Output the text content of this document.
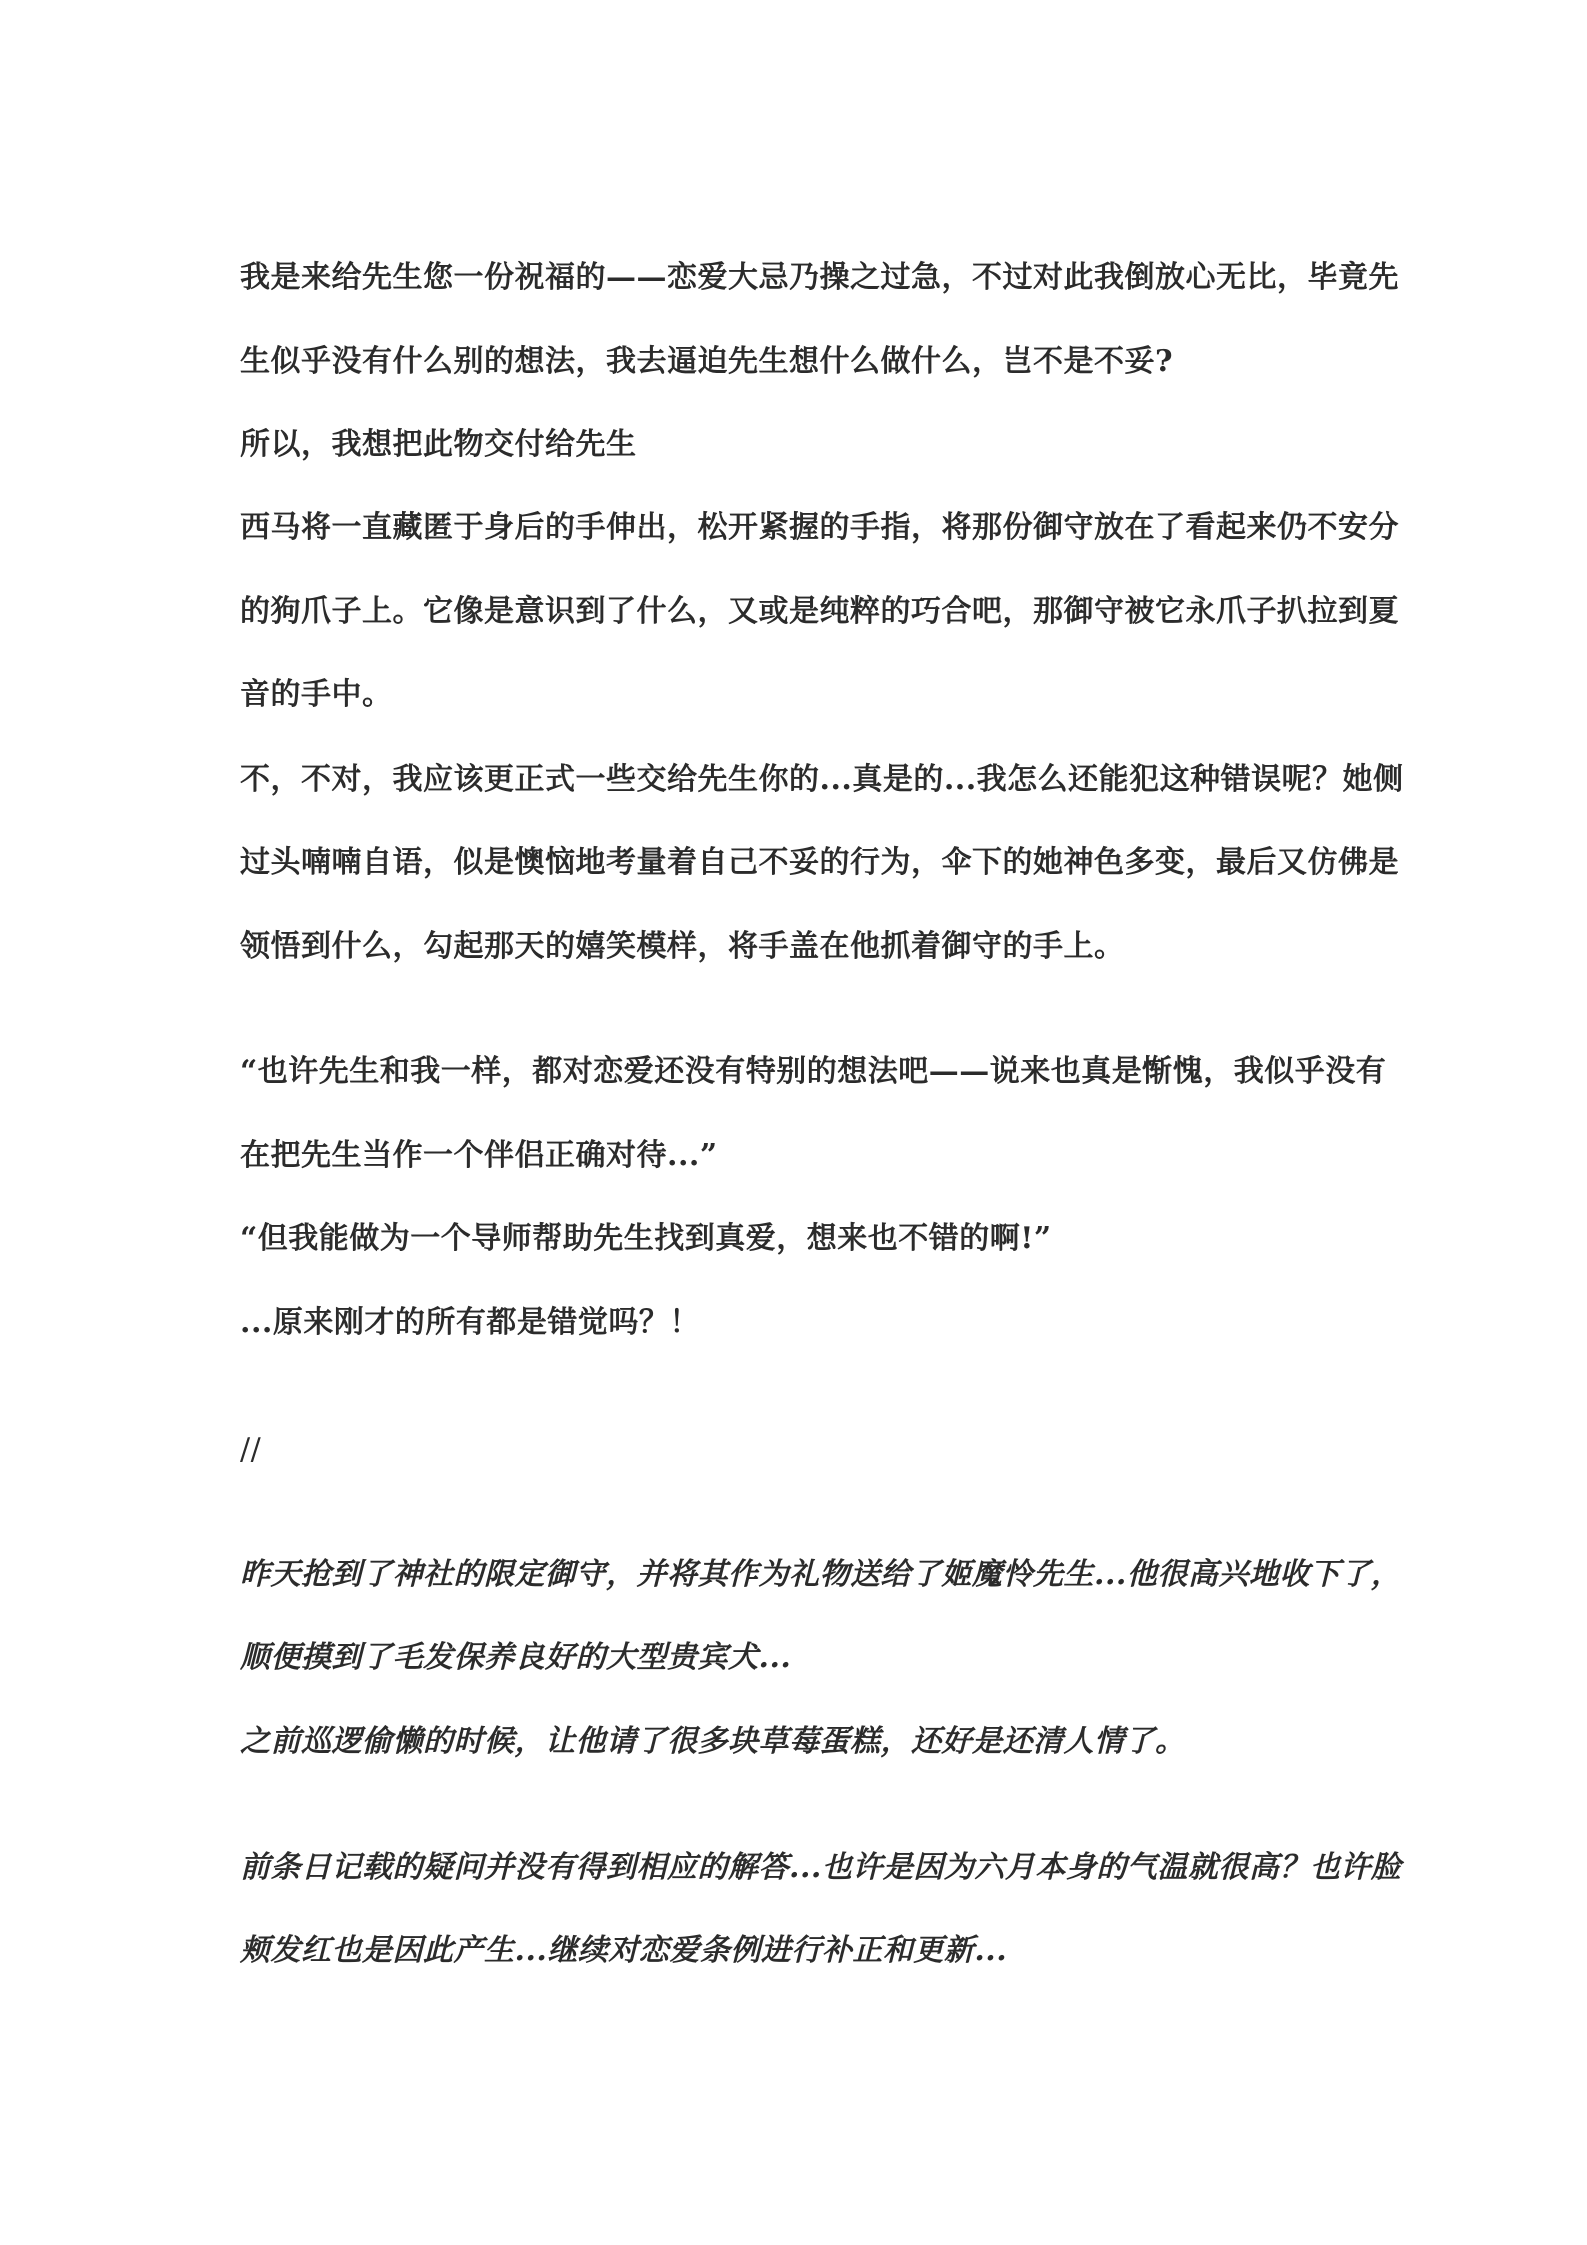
我是来给先生您一份祝福的——恋爱大忌乃操之过急，不过对此我倒放心无比，毕竟先
生似乎没有什么别的想法，我去逼迫先生想什么做什么，岂不是不妥?
所以，我想把此物交付给先生
西马将一直藏匿于身后的手伸出，松开紧握的手指，将那份御守放在了看起来仍不安分
的狗爪子上。它像是意识到了什么，又或是纯粹的巧合吧，那御守被它永爪子扒拉到夏
音的手中。
不，不对，我应该更正式一些交给先生你的...真是的...我怎么还能犯这种错误呢？她侧
过头喃喃自语，似是懊恼地考量着自己不妥的行为，伞下的她神色多变，最后又仿佛是
领悟到什么，勾起那天的嬉笑模样，将手盖在他抓着御守的手上。
“也许先生和我一样，都对恋爱还没有特别的想法吧——说来也真是惭愧，我似乎没有
在把先生当作一个伴侣正确对待...”
“但我能做为一个导师帮助先生找到真爱，想来也不错的啊!”
...原来刚才的所有都是错觉吗？！
//
昨天抢到了神社的限定御守，并将其作为礼物送给了姬魔怜先生...他很高兴地收下了，
顺便摸到了毛发保养良好的大型贵宾犬...
之前巡逻偷懒的时候，让他请了很多块草莓蛋糕，还好是还清人情了。
前条日记载的疑问并没有得到相应的解答...也许是因为六月本身的气温就很高？也许脸
颊发红也是因此产生...继续对恋爱条例进行补正和更新...
